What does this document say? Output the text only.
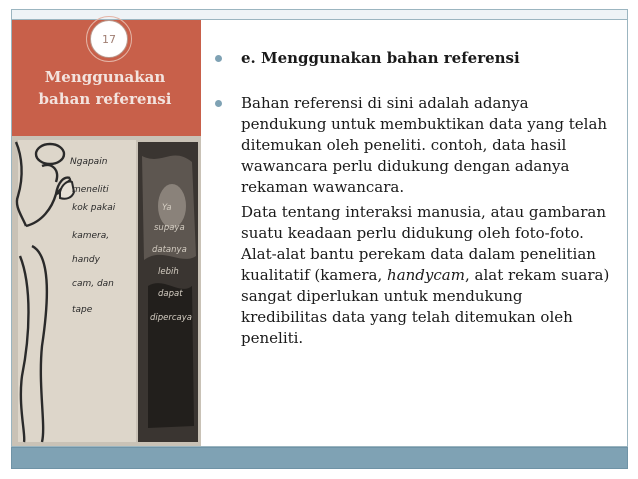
17
Menggunakan bahan referensi
Ngapain
meneliti
kok pakai
kamera,
handy
cam, dan
tape
Ya
supaya
datanya
lebih
dapat
dipercaya
e. Menggunakan bahan referensi
Bahan referensi di sini adalah adanya pendukung untuk membuktikan data yang telah ditemukan oleh peneliti. contoh, data hasil wawancara perlu didukung dengan adanya rekaman wawancara.
Data tentang interaksi manusia, atau gambaran suatu keadaan perlu didukung oleh foto-foto. Alat-alat bantu perekam data dalam penelitian kualitatif (kamera, handycam, alat rekam suara) sangat diperlukan untuk mendukung kredibilitas data yang telah ditemukan oleh peneliti.
